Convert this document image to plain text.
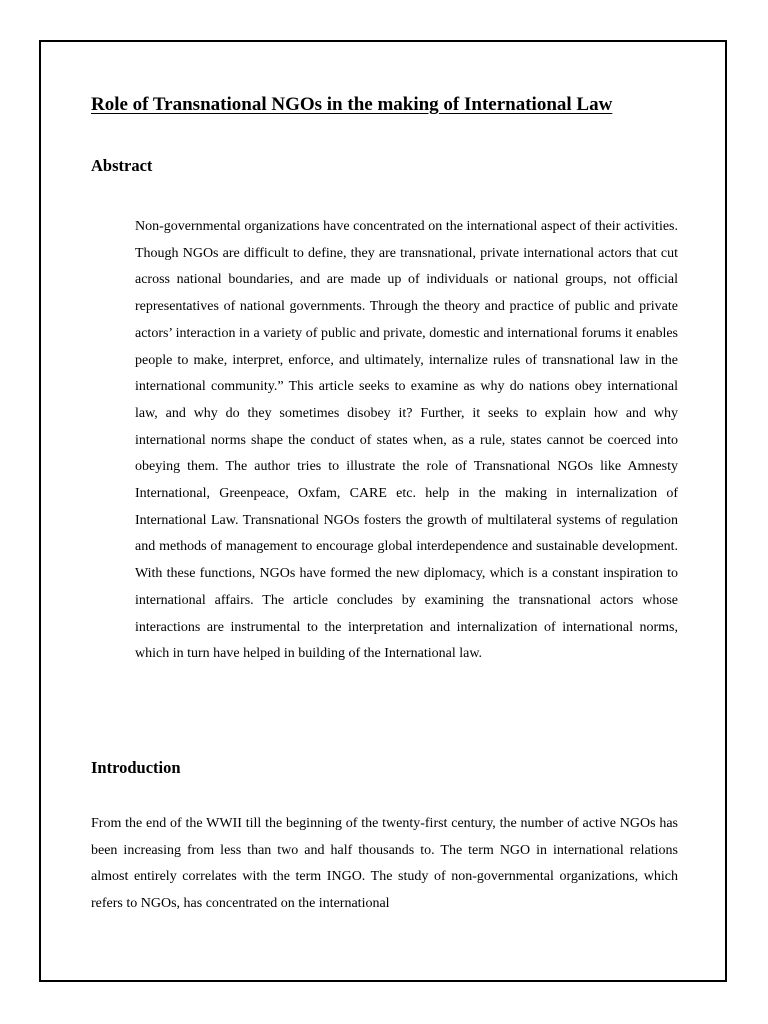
Role of Transnational NGOs in the making of International Law
Abstract

Non-governmental organizations have concentrated on the international aspect of their activities. Though NGOs are difficult to define, they are transnational, private international actors that cut across national boundaries, and are made up of individuals or national groups, not official representatives of national governments. Through the theory and practice of public and private actors’ interaction in a variety of public and private, domestic and international forums it enables people to make, interpret, enforce, and ultimately, internalize rules of transnational law in the international community.” This article seeks to examine as why do nations obey international law, and why do they sometimes disobey it? Further, it seeks to explain how and why international norms shape the conduct of states when, as a rule, states cannot be coerced into obeying them. The author tries to illustrate the role of Transnational NGOs like Amnesty International, Greenpeace, Oxfam, CARE etc. help in the making in internalization of International Law. Transnational NGOs fosters the growth of multilateral systems of regulation and methods of management to encourage global interdependence and sustainable development. With these functions, NGOs have formed the new diplomacy, which is a constant inspiration to international affairs. The article concludes by examining the transnational actors whose interactions are instrumental to the interpretation and internalization of international norms, which in turn have helped in building of the International law.

Introduction

From the end of the WWII till the beginning of the twenty-first century, the number of active NGOs has been increasing from less than two and half thousands to. The term NGO in international relations almost entirely correlates with the term INGO. The study of non-governmental organizations, which refers to NGOs, has concentrated on the international
